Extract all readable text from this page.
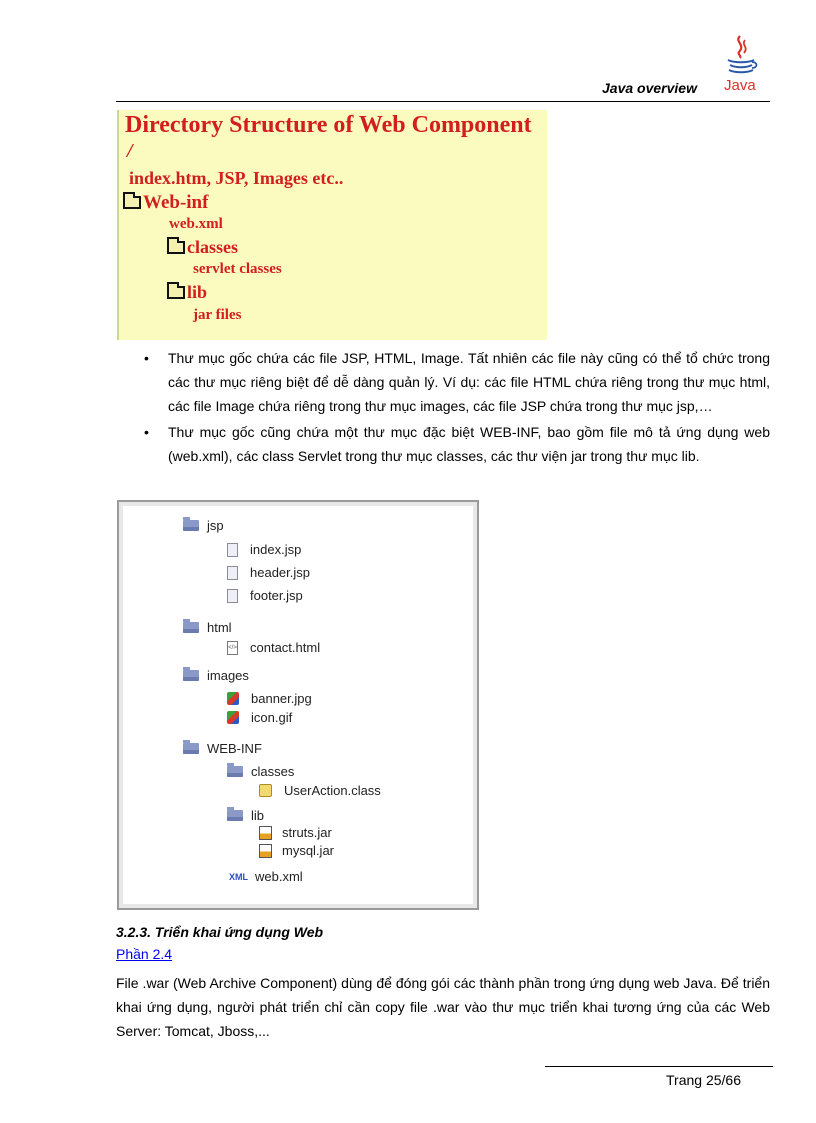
Java overview Java
Directory Structure of Web Component
/
index.htm, JSP, Images etc..
Web-inf
web.xml
classes
servlet classes
lib
jar files
• Thư mục gốc chứa các file JSP, HTML, Image. Tất nhiên các file này cũng có thể tổ chức trong các thư mục riêng biệt để dễ dàng quản lý. Ví dụ: các file HTML chứa riêng trong thư mục html, các file Image chứa riêng trong thư mục images, các file JSP chứa trong thư mục jsp,…
• Thư mục gốc cũng chứa một thư mục đặc biệt WEB-INF, bao gồm file mô tả ứng dụng web (web.xml), các class Servlet trong thư mục classes, các thư viện jar trong thư mục lib.
jsp
index.jsp
header.jsp
footer.jsp
html
</> contact.html
images
banner.jpg
icon.gif
WEB-INF
classes
UserAction.class
lib
struts.jar
mysql.jar
XML web.xml
3.2.3. Triển khai ứng dụng Web
Phần 2.4
File .war (Web Archive Component) dùng để đóng gói các thành phần trong ứng dụng web Java. Để triển khai ứng dụng, người phát triển chỉ cần copy file .war vào thư mục triển khai tương ứng của các Web Server: Tomcat, Jboss,...
Trang 25/66
